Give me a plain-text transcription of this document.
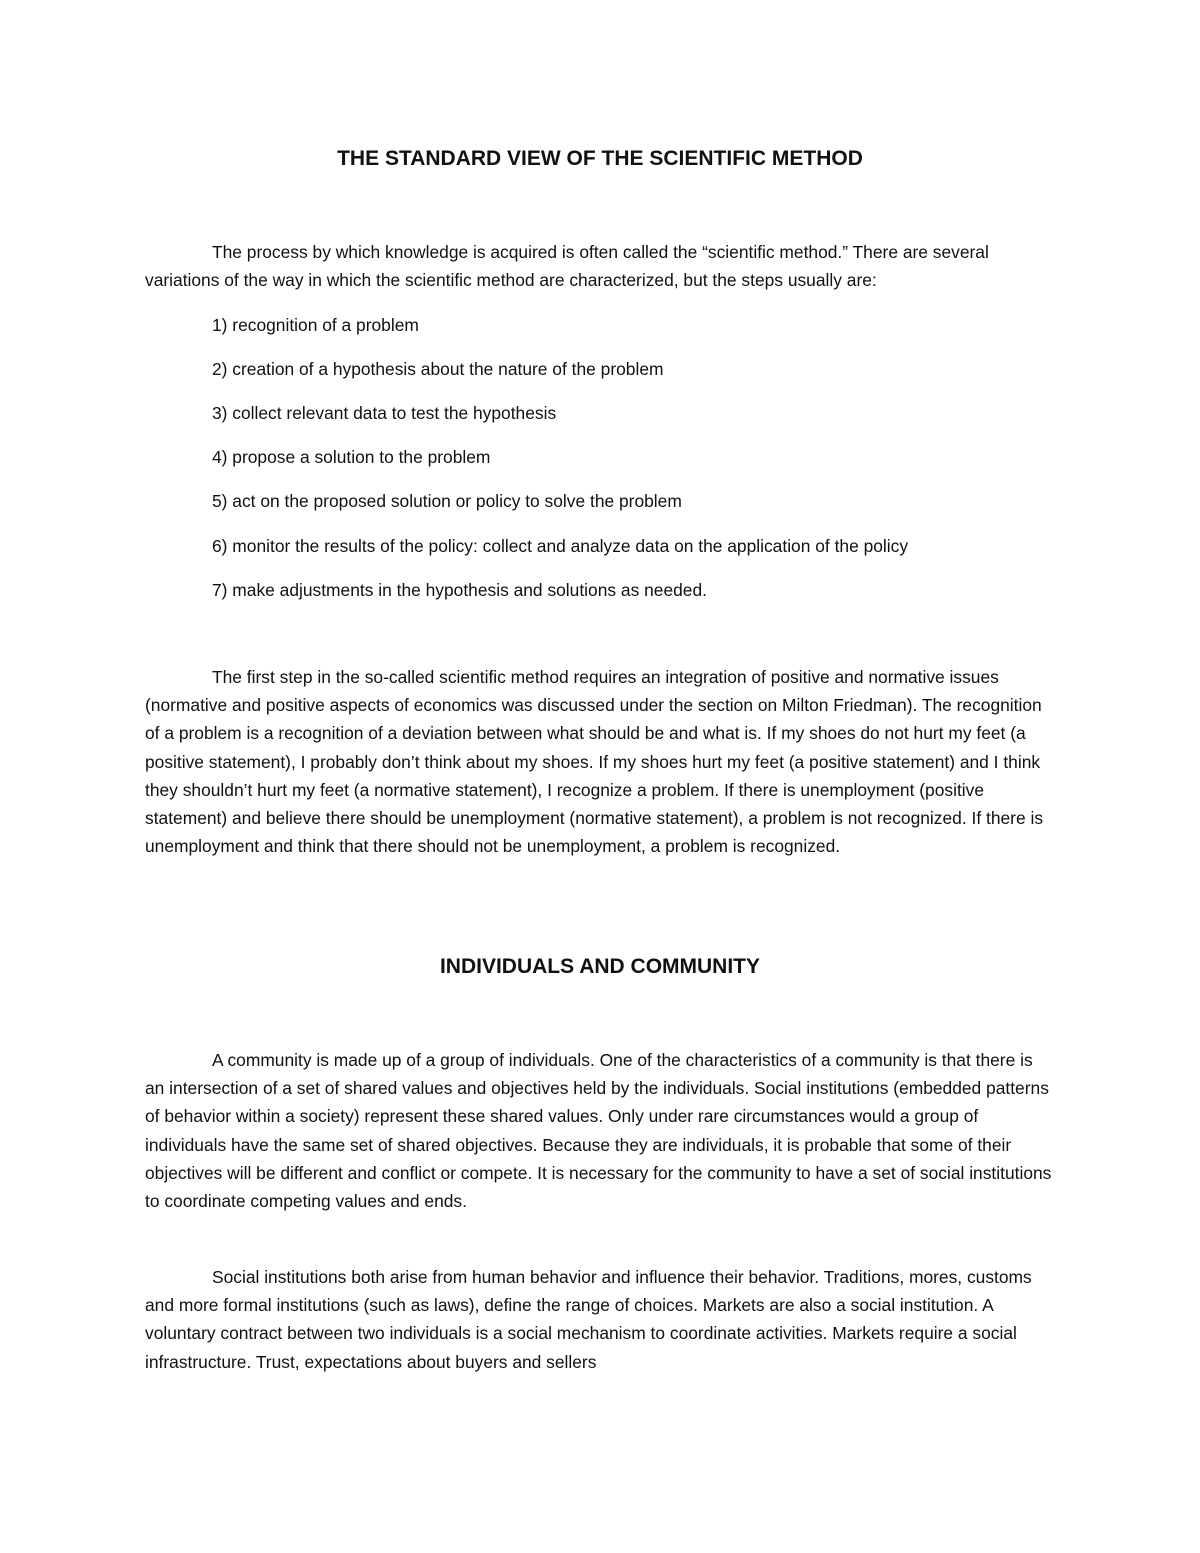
THE STANDARD VIEW OF THE SCIENTIFIC METHOD

The process by which knowledge is acquired is often called the “scientific method.” There are several variations of the way in which the scientific method are characterized, but the steps usually are:

1) recognition of a problem
2) creation of a hypothesis about the nature of the problem
3) collect relevant data to test the hypothesis
4) propose a solution to the problem
5) act on the proposed solution or policy to solve the problem
6) monitor the results of the policy: collect and analyze data on the application of the policy
7) make adjustments in the hypothesis and solutions as needed.

The first step in the so-called scientific method requires an integration of positive and normative issues (normative and positive aspects of economics was discussed under the section on Milton Friedman). The recognition of a problem is a recognition of a deviation between what should be and what is. If my shoes do not hurt my feet (a positive statement), I probably don’t think about my shoes. If my shoes hurt my feet (a positive statement) and I think they shouldn’t hurt my feet (a normative statement), I recognize a problem. If there is unemployment (positive statement) and believe there should be unemployment (normative statement), a problem is not recognized. If there is unemployment and think that there should not be unemployment, a problem is recognized.

INDIVIDUALS AND COMMUNITY

A community is made up of a group of individuals. One of the characteristics of a community is that there is an intersection of a set of shared values and objectives held by the individuals. Social institutions (embedded patterns of behavior within a society) represent these shared values. Only under rare circumstances would a group of individuals have the same set of shared objectives. Because they are individuals, it is probable that some of their objectives will be different and conflict or compete. It is necessary for the community to have a set of social institutions to coordinate competing values and ends.

Social institutions both arise from human behavior and influence their behavior. Traditions, mores, customs and more formal institutions (such as laws), define the range of choices. Markets are also a social institution. A voluntary contract between two individuals is a social mechanism to coordinate activities. Markets require a social infrastructure. Trust, expectations about buyers and sellers
